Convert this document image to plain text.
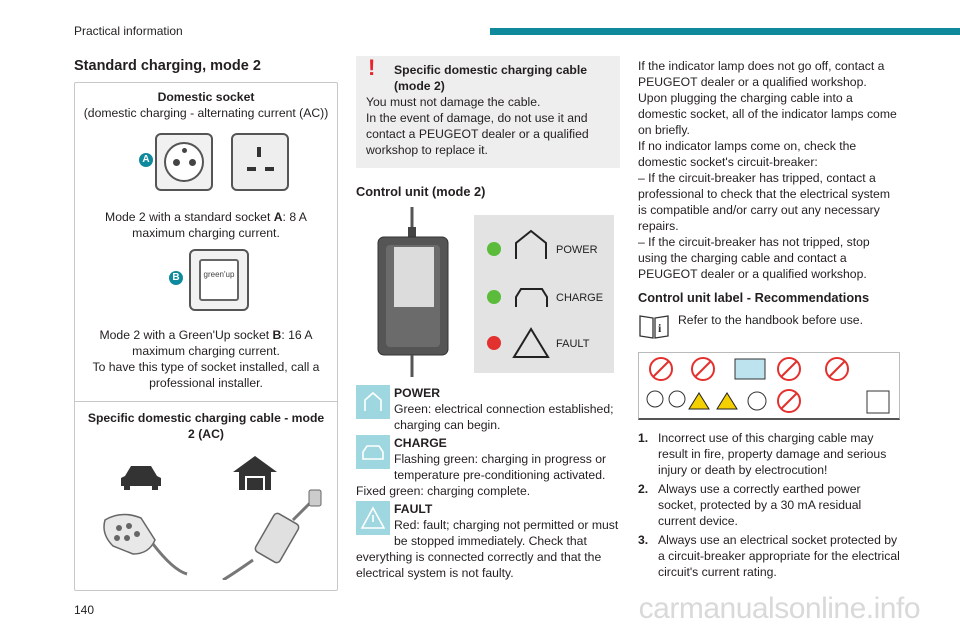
Practical information
Standard charging, mode 2
Domestic socket
(domestic charging - alternating current (AC))
A
Mode 2 with a standard socket A: 8 A maximum charging current.
B	green'up
Mode 2 with a Green'Up socket B: 16 A maximum charging current.
To have this type of socket installed, call a professional installer.
Specific domestic charging cable - mode 2 (AC)
!	Specific domestic charging cable (mode 2)
You must not damage the cable.
In the event of damage, do not use it and contact a PEUGEOT dealer or a qualified workshop to replace it.
Control unit (mode 2)
POWER
CHARGE
FAULT
POWER

Green: electrical connection established; charging can begin.

CHARGE

Flashing green: charging in progress or temperature pre-conditioning activated.
Fixed green: charging complete.

FAULT

Red: fault; charging not permitted or must be stopped immediately. Check that everything is connected correctly and that the electrical system is not faulty.

If the indicator lamp does not go off, contact a PEUGEOT dealer or a qualified workshop.
Upon plugging the charging cable into a domestic socket, all of the indicator lamps come on briefly.
If no indicator lamps come on, check the domestic socket's circuit-breaker:
– If the circuit-breaker has tripped, contact a professional to check that the electrical system is compatible and/or carry out any necessary repairs.
– If the circuit-breaker has not tripped, stop using the charging cable and contact a PEUGEOT dealer or a qualified workshop.
Control unit label - Recommendations
i
Refer to the handbook before use.
1. Incorrect use of this charging cable may result in fire, property damage and serious injury or death by electrocution!
2. Always use a correctly earthed power socket, protected by a 30 mA residual current device.
3. Always use an electrical socket protected by a circuit-breaker appropriate for the electrical circuit's current rating.
140	carmanualsonline.info
